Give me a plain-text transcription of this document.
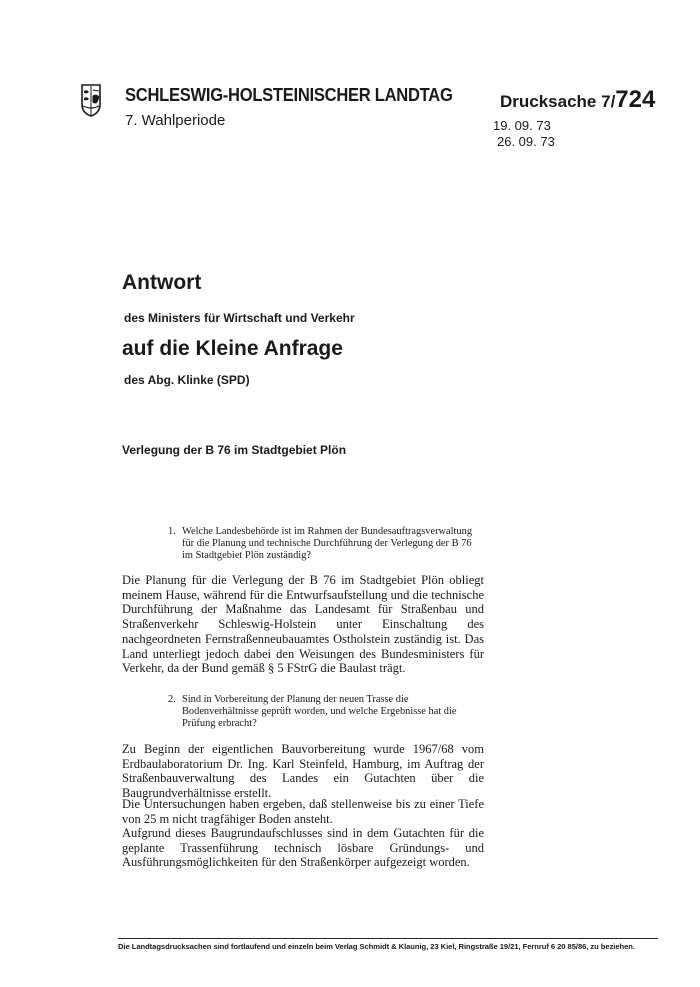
SCHLESWIG-HOLSTEINISCHER LANDTAG
7. Wahlperiode
Drucksache 7/724
19. 09. 73
26. 09. 73
Antwort
des Ministers für Wirtschaft und Verkehr
auf die Kleine Anfrage
des Abg. Klinke (SPD)
Verlegung der B 76 im Stadtgebiet Plön
1. Welche Landesbehörde ist im Rahmen der Bundesauftragsverwaltung für die Planung und technische Durchführung der Verlegung der B 76 im Stadtgebiet Plön zuständig?

Die Planung für die Verlegung der B 76 im Stadtgebiet Plön obliegt meinem Hause, während für die Entwurfsaufstellung und die technische Durchführung der Maßnahme das Landesamt für Straßenbau und Straßenverkehr Schleswig-Holstein unter Einschaltung des nachgeordneten Fernstraßenneubauamtes Ostholstein zuständig ist. Das Land unterliegt jedoch dabei den Weisungen des Bundesministers für Verkehr, da der Bund gemäß § 5 FStrG die Baulast trägt.

2. Sind in Vorbereitung der Planung der neuen Trasse die Bodenverhältnisse geprüft worden, und welche Ergebnisse hat die Prüfung erbracht?

Zu Beginn der eigentlichen Bauvorbereitung wurde 1967/68 vom Erdbaulaboratorium Dr. Ing. Karl Steinfeld, Hamburg, im Auftrag der Straßenbauverwaltung des Landes ein Gutachten über die Baugrundverhältnisse erstellt.

Die Untersuchungen haben ergeben, daß stellenweise bis zu einer Tiefe von 25 m nicht tragfähiger Boden ansteht.

Aufgrund dieses Baugrundaufschlusses sind in dem Gutachten für die geplante Trassenführung technisch lösbare Gründungs- und Ausführungsmöglichkeiten für den Straßenkörper aufgezeigt worden.

Die Landtagsdrucksachen sind fortlaufend und einzeln beim Verlag Schmidt & Klaunig, 23 Kiel, Ringstraße 19/21, Fernruf 6 20 85/86, zu beziehen.
